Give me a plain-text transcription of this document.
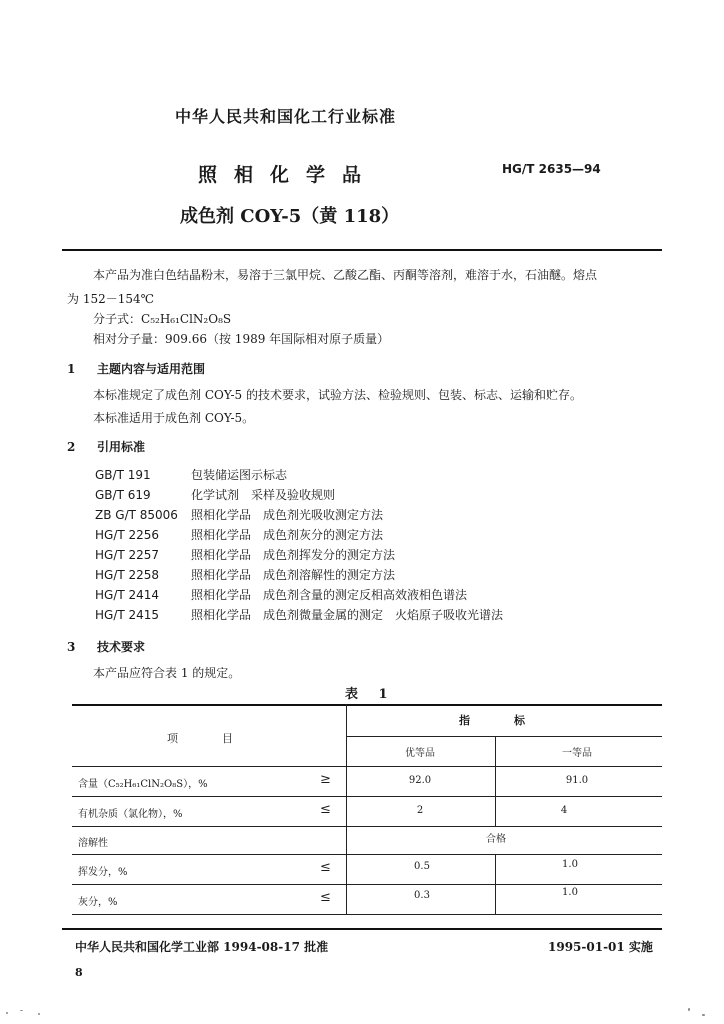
中华人民共和国化工行业标准
照相化学品	HG/T 2635—94
成色剂 COY-5（黄 118）
本产品为准白色结晶粉末，易溶于三氯甲烷、乙酸乙酯、丙酮等溶剂，难溶于水，石油醚。熔点
为 152－154℃
分子式：C₅₂H₆₁ClN₂O₈S
相对分子量：909.66（按 1989 年国际相对原子质量）
1 主题内容与适用范围
本标准规定了成色剂 COY-5 的技术要求，试验方法、检验规则、包装、标志、运输和贮存。
本标准适用于成色剂 COY-5。
2 引用标准
GB/T 191	包装储运图示标志
GB/T 619	化学试剂　采样及验收规则
ZB G/T 85006 照相化学品　成色剂光吸收测定方法
HG/T 2256	照相化学品　成色剂灰分的测定方法
HG/T 2257	照相化学品　成色剂挥发分的测定方法
HG/T 2258	照相化学品　成色剂溶解性的测定方法
HG/T 2414	照相化学品　成色剂含量的测定反相高效液相色谱法
HG/T 2415	照相化学品　成色剂微量金属的测定　火焰原子吸收光谱法
3 技术要求
本产品应符合表 1 的规定。
表 1
项　　　　目
指　　　　标
优等品	一等品
含量（C₅₂H₆₁ClN₂O₈S），%	≥	92.0	91.0
有机杂质（氯化物），%	≤	2	4
溶解性	合格
挥发分，%	≤	0.5	1.0
灰分，%	≤	0.3	1.0
中华人民共和国化学工业部 1994-08-17 批准	1995-01-01 实施
8
